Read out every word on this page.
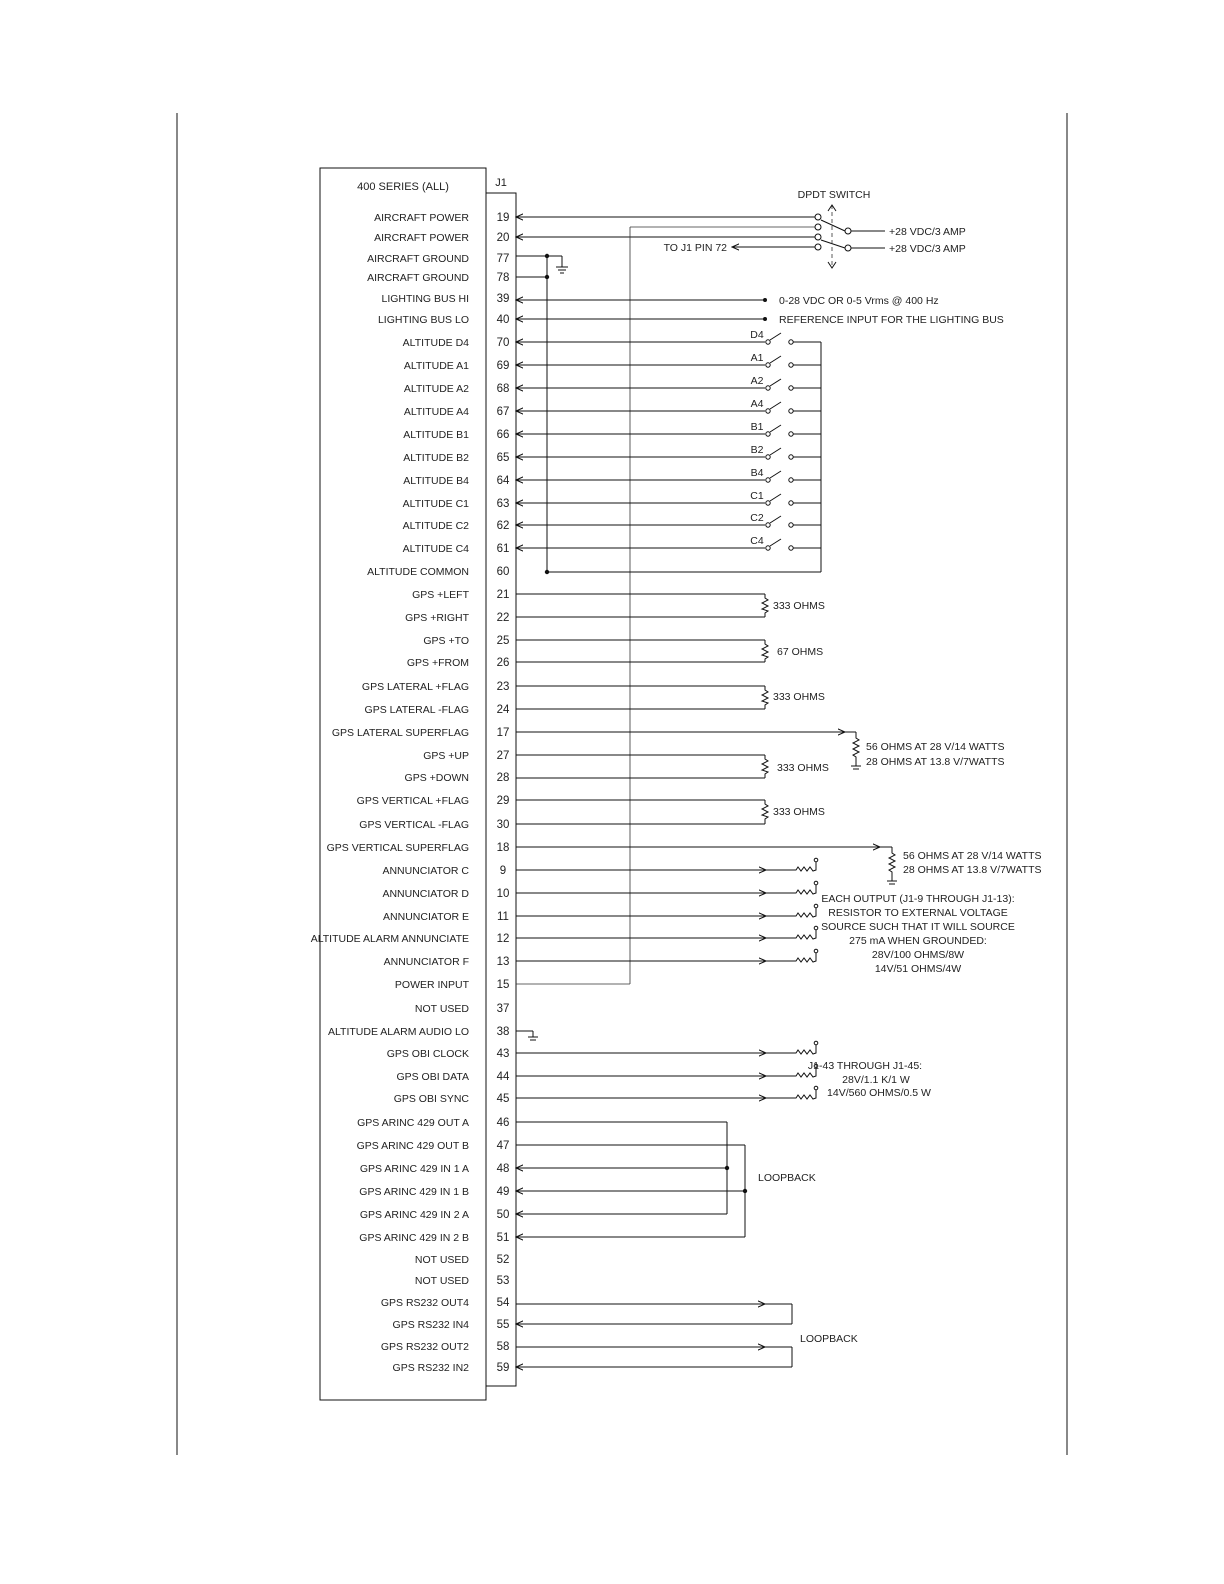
400 SERIES (ALL)	J1
AIRCRAFT POWER 19
AIRCRAFT POWER 20
AIRCRAFT GROUND 77
AIRCRAFT GROUND 78
LIGHTING BUS HI 39
LIGHTING BUS LO 40
ALTITUDE D4 70
ALTITUDE A1 69
ALTITUDE A2 68
ALTITUDE A4 67
ALTITUDE B1 66
ALTITUDE B2 65
ALTITUDE B4 64
ALTITUDE C1 63
ALTITUDE C2 62
ALTITUDE C4 61
ALTITUDE COMMON 60
GPS +LEFT 21
GPS +RIGHT 22
GPS +TO 25
GPS +FROM 26
GPS LATERAL +FLAG 23
GPS LATERAL -FLAG 24
GPS LATERAL SUPERFLAG 17
GPS +UP 27
GPS +DOWN 28
GPS VERTICAL +FLAG 29
GPS VERTICAL -FLAG 30
GPS VERTICAL SUPERFLAG 18
ANNUNCIATOR C	9
ANNUNCIATOR D 10
ANNUNCIATOR E 11
ALTITUDE ALARM ANNUNCIATE 12
ANNUNCIATOR F 13
POWER INPUT 15
NOT USED 37
ALTITUDE ALARM AUDIO LO 38
GPS OBI CLOCK 43
GPS OBI DATA 44
GPS OBI SYNC 45
GPS ARINC 429 OUT A 46
GPS ARINC 429 OUT B 47
GPS ARINC 429 IN 1 A 48
GPS ARINC 429 IN 1 B 49
GPS ARINC 429 IN 2 A 50
GPS ARINC 429 IN 2 B 51
NOT USED 52
NOT USED 53
GPS RS232 OUT4 54
GPS RS232 IN4 55
GPS RS232 OUT2 58
GPS RS232 IN2 59
DPDT SWITCH
+28 VDC/3 AMP
+28 VDC/3 AMP
TO J1 PIN 72
0-28 VDC OR 0-5 Vrms @ 400 Hz
REFERENCE INPUT FOR THE LIGHTING BUS
D4
A1
A2
A4
B1
B2
B4
C1
C2
C4
333 OHMS
67 OHMS
333 OHMS
56 OHMS AT 28 V/14 WATTS
28 OHMS AT 13.8 V/7WATTS
333 OHMS
333 OHMS
56 OHMS AT 28 V/14 WATTS
28 OHMS AT 13.8 V/7WATTS
EACH OUTPUT (J1-9 THROUGH J1-13):
RESISTOR TO EXTERNAL VOLTAGE
SOURCE SUCH THAT IT WILL SOURCE
275 mA WHEN GROUNDED:
28V/100 OHMS/8W
14V/51 OHMS/4W
J1-43 THROUGH J1-45:
28V/1.1 K/1 W
14V/560 OHMS/0.5 W
LOOPBACK
LOOPBACK
